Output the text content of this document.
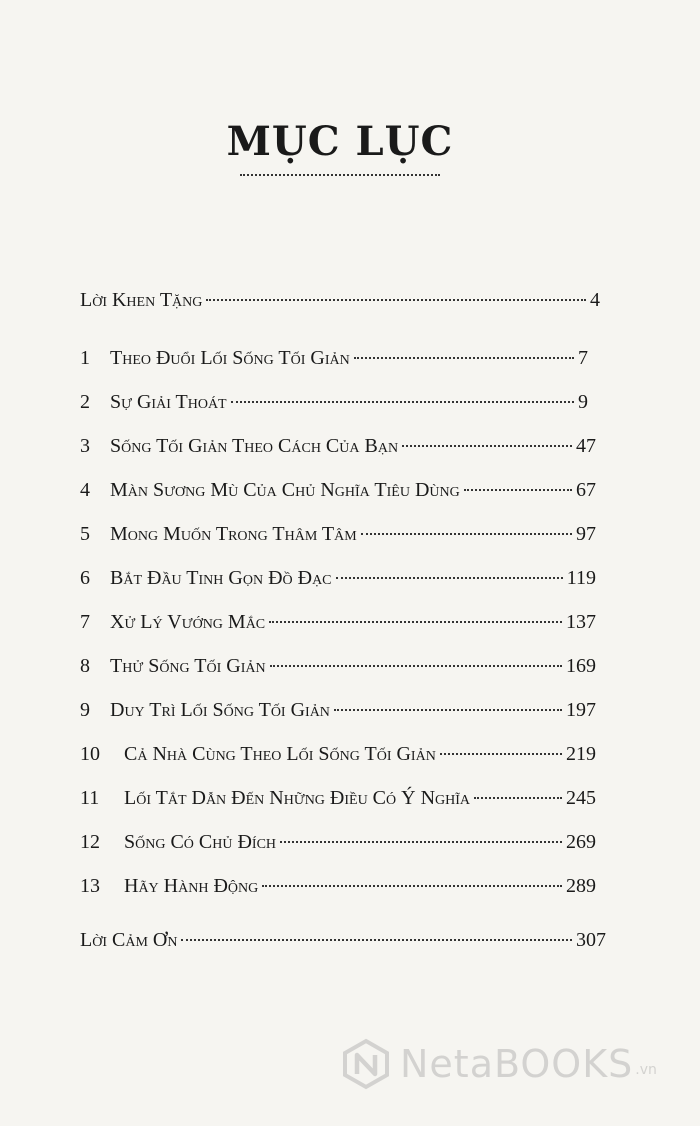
MỤC LỤC
Lời Khen Tặng	4
1	Theo Đuổi Lối Sống Tối Giản	7
2	Sự Giải Thoát	9
3	Sống Tối Giản Theo Cách Của Bạn	47
4	Màn Sương Mù Của Chủ Nghĩa Tiêu Dùng	67
5	Mong Muốn Trong Thâm Tâm	97
6	Bắt Đầu Tinh Gọn Đồ Đạc	119
7	Xử Lý Vướng Mắc	137
8	Thử Sống Tối Giản	169
9	Duy Trì Lối Sống Tối Giản	197
10	Cả Nhà Cùng Theo Lối Sống Tối Giản	219
11	Lối Tắt Dẫn Đến Những Điều Có Ý Nghĩa	245
12	Sống Có Chủ Đích	269
13	Hãy Hành Động	289
Lời Cảm Ơn	307
NetaBOOKS .vn
